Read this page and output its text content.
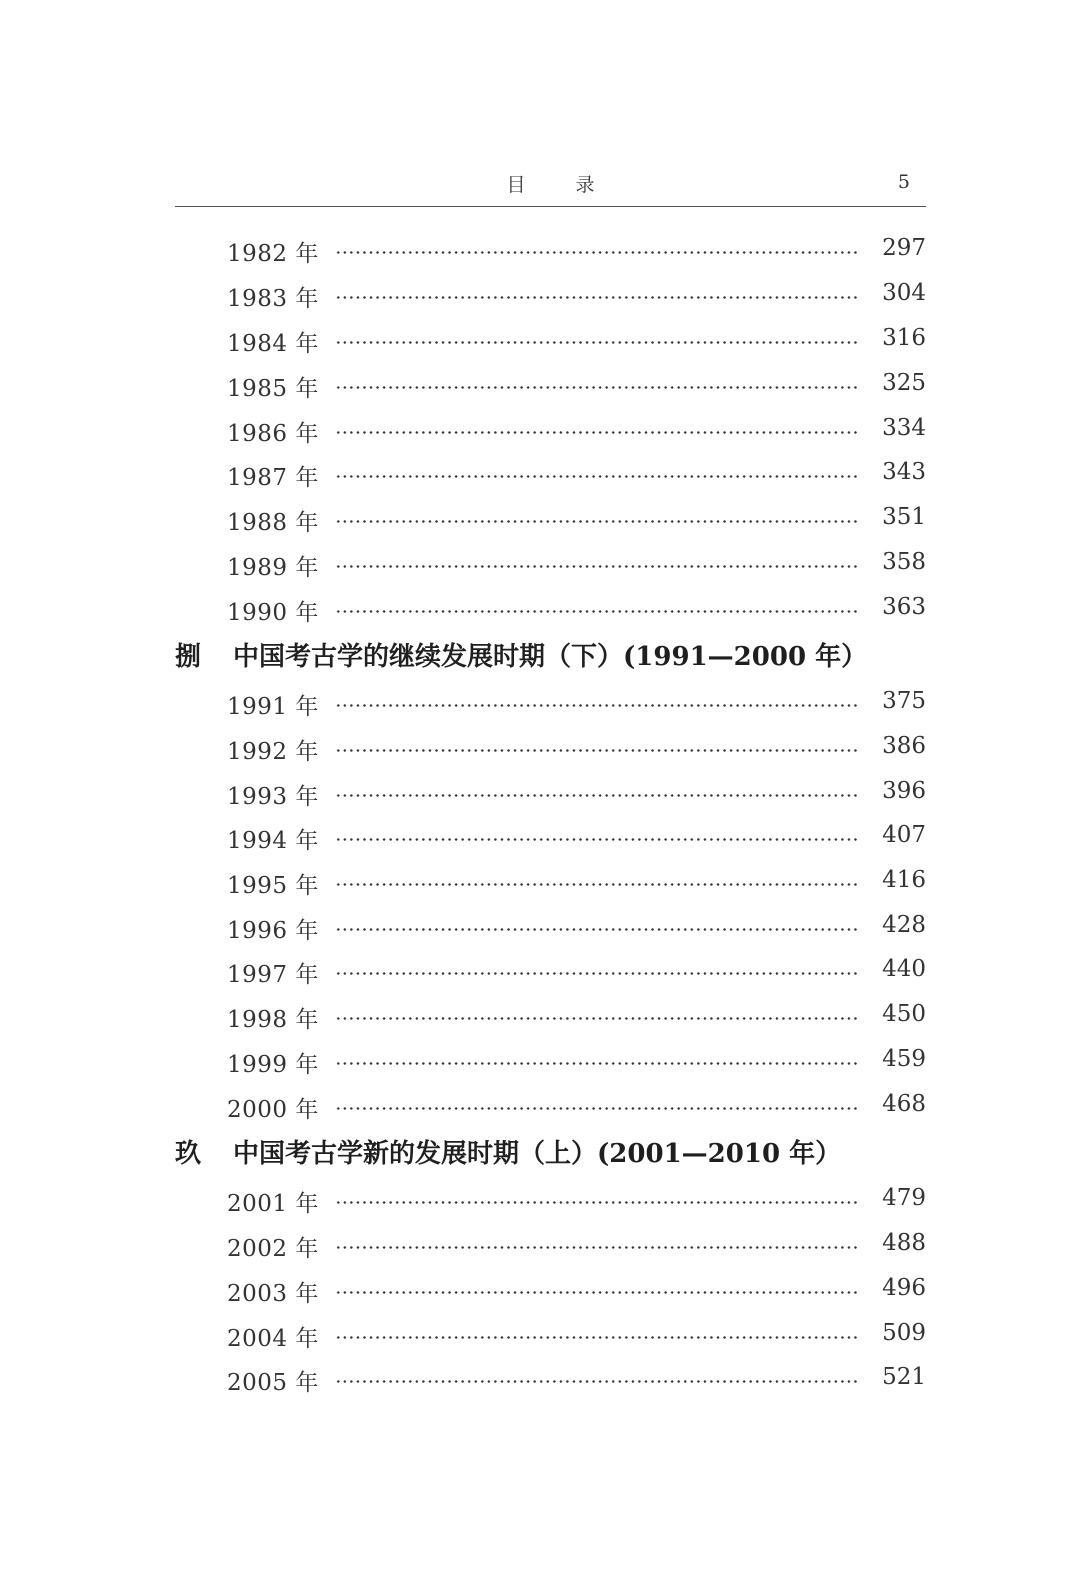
目 录	5
1982 年	297
1983 年	304
1984 年	316
1985 年	325
1986 年	334
1987 年	343
1988 年	351
1989 年	358
1990 年	363
捌 中国考古学的继续发展时期（下）(1991—2000 年）
1991 年	375
1992 年	386
1993 年	396
1994 年	407
1995 年	416
1996 年	428
1997 年	440
1998 年	450
1999 年	459
2000 年	468
玖 中国考古学新的发展时期（上）(2001—2010 年）
2001 年	479
2002 年	488
2003 年	496
2004 年	509
2005 年	521
